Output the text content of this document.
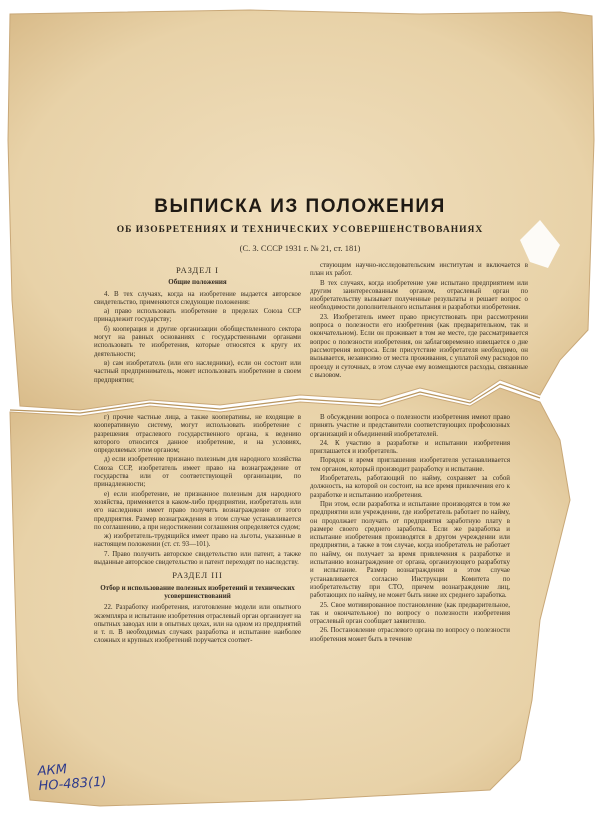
ВЫПИСКА ИЗ ПОЛОЖЕНИЯ
ОБ ИЗОБРЕТЕНИЯХ И ТЕХНИЧЕСКИХ УСОВЕРШЕНСТВОВАНИЯХ
(С. З. СССР 1931 г. № 21, ст. 181)

РАЗДЕЛ I

Общие положения

4. В тех случаях, когда на изобретение выдается авторское свидетельство, применяются следующие положения:

а) право использовать изобретение в пределах Союза ССР принадлежит государству;

б) кооперация и другие организации обобществленного сектора могут на равных основаниях с государственными органами использовать те изобретения, которые относятся к кругу их деятельности;

в) сам изобретатель (или его наследники), если он состоит или частный предприниматель, может использовать изобретение в своем предприятии;

г) прочие частные лица, а также кооперативы, не входящие в кооперативную систему, могут использовать изобретение с разрешения отраслевого государственного органа, к ведению которого относится данное изобретение, и на условиях, определяемых этим органом;

д) если изобретение признано полезным для народного хозяйства Союза ССР, изобретатель имеет право на вознаграждение от государства или от соответствующей организации, по принадлежности;

е) если изобретение, не признанное полезным для народного хозяйства, применяется в каком-либо предприятии, изобретатель или его наследники имеет право получить вознаграждение от этого предприятия. Размер вознаграждения в этом случае устанавливается по соглашению, а при недостижении соглашения определяется судом;

ж) изобретатель-трудящийся имеет право на льготы, указанные в настоящем положении (ст. ст. 93—101).

7. Право получить авторское свидетельство или патент, а также выданные авторское свидетельство и патент переходят по наследству.

РАЗДЕЛ III

Отбор и использование полезных изобретений и технических усовершенствований

22. Разработку изобретения, изготовление модели или опытного экземпляра и испытание изобретения отраслевый орган организует на опытных заводах или в опытных цехах, или на одном из предприятий и т. п. В необходимых случаях разработка и испытание наиболее сложных и крупных изобретений поручается соответ-

ствующим научно-исследовательским институтам и включается в план их работ.

В тех случаях, когда изобретение уже испытано предприятием или другим заинтересованным органом, отраслевый орган по изобретательству вызывает полученные результаты и решает вопрос о необходимости дополнительного испытания и разработки изобретения.

23. Изобретатель имеет право присутствовать при рассмотрении вопроса о полезности его изобретения (как предварительном, так и окончательном). Если он проживает в том же месте, где рассматривается вопрос о полезности изобретения, он заблаговременно извещается о дне рассмотрения вопроса. Если присутствие изобретателя необходимо, он вызывается, независимо от места проживания, с уплатой ему расходов по проезду и суточных, в этом случае ему возмещаются расходы, связанные с вызовом.

В обсуждении вопроса о полезности изобретения имеют право принять участие и представители соответствующих профсоюзных организаций и объединений изобретателей.

24. К участию в разработке и испытании изобретения приглашается и изобретатель.

Порядок и время приглашения изобретателя устанавливается тем органом, который производит разработку и испытание.

Изобретатель, работающий по найму, сохраняет за собой должность, на которой он состоит, на все время привлечения его к разработке и испытанию изобретения.

При этом, если разработка и испытание производятся в том же предприятии или учреждении, где изобретатель работает по найму, он продолжает получать от предприятия заработную плату в размере своего среднего заработка. Если же разработка и испытание изобретения производятся в другом учреждении или предприятии, а также в том случае, когда изобретатель не работает по найму, он получает за время привлечения к разработке и испытанию вознаграждение от органа, организующего разработку и испытание. Размер вознаграждения в этом случае устанавливается согласно Инструкции Комитета по изобретательству при СТО, причем вознаграждение лиц, работающих по найму, не может быть ниже их среднего заработка.

25. Свое мотивированное постановление (как предварительное, так и окончательное) по вопросу о полезности изобретения отраслевый орган сообщает заявителю.

26. Постановление отраслевого органа по вопросу о полезности изобретения может быть в течение

АКМ
НО-483(1)
